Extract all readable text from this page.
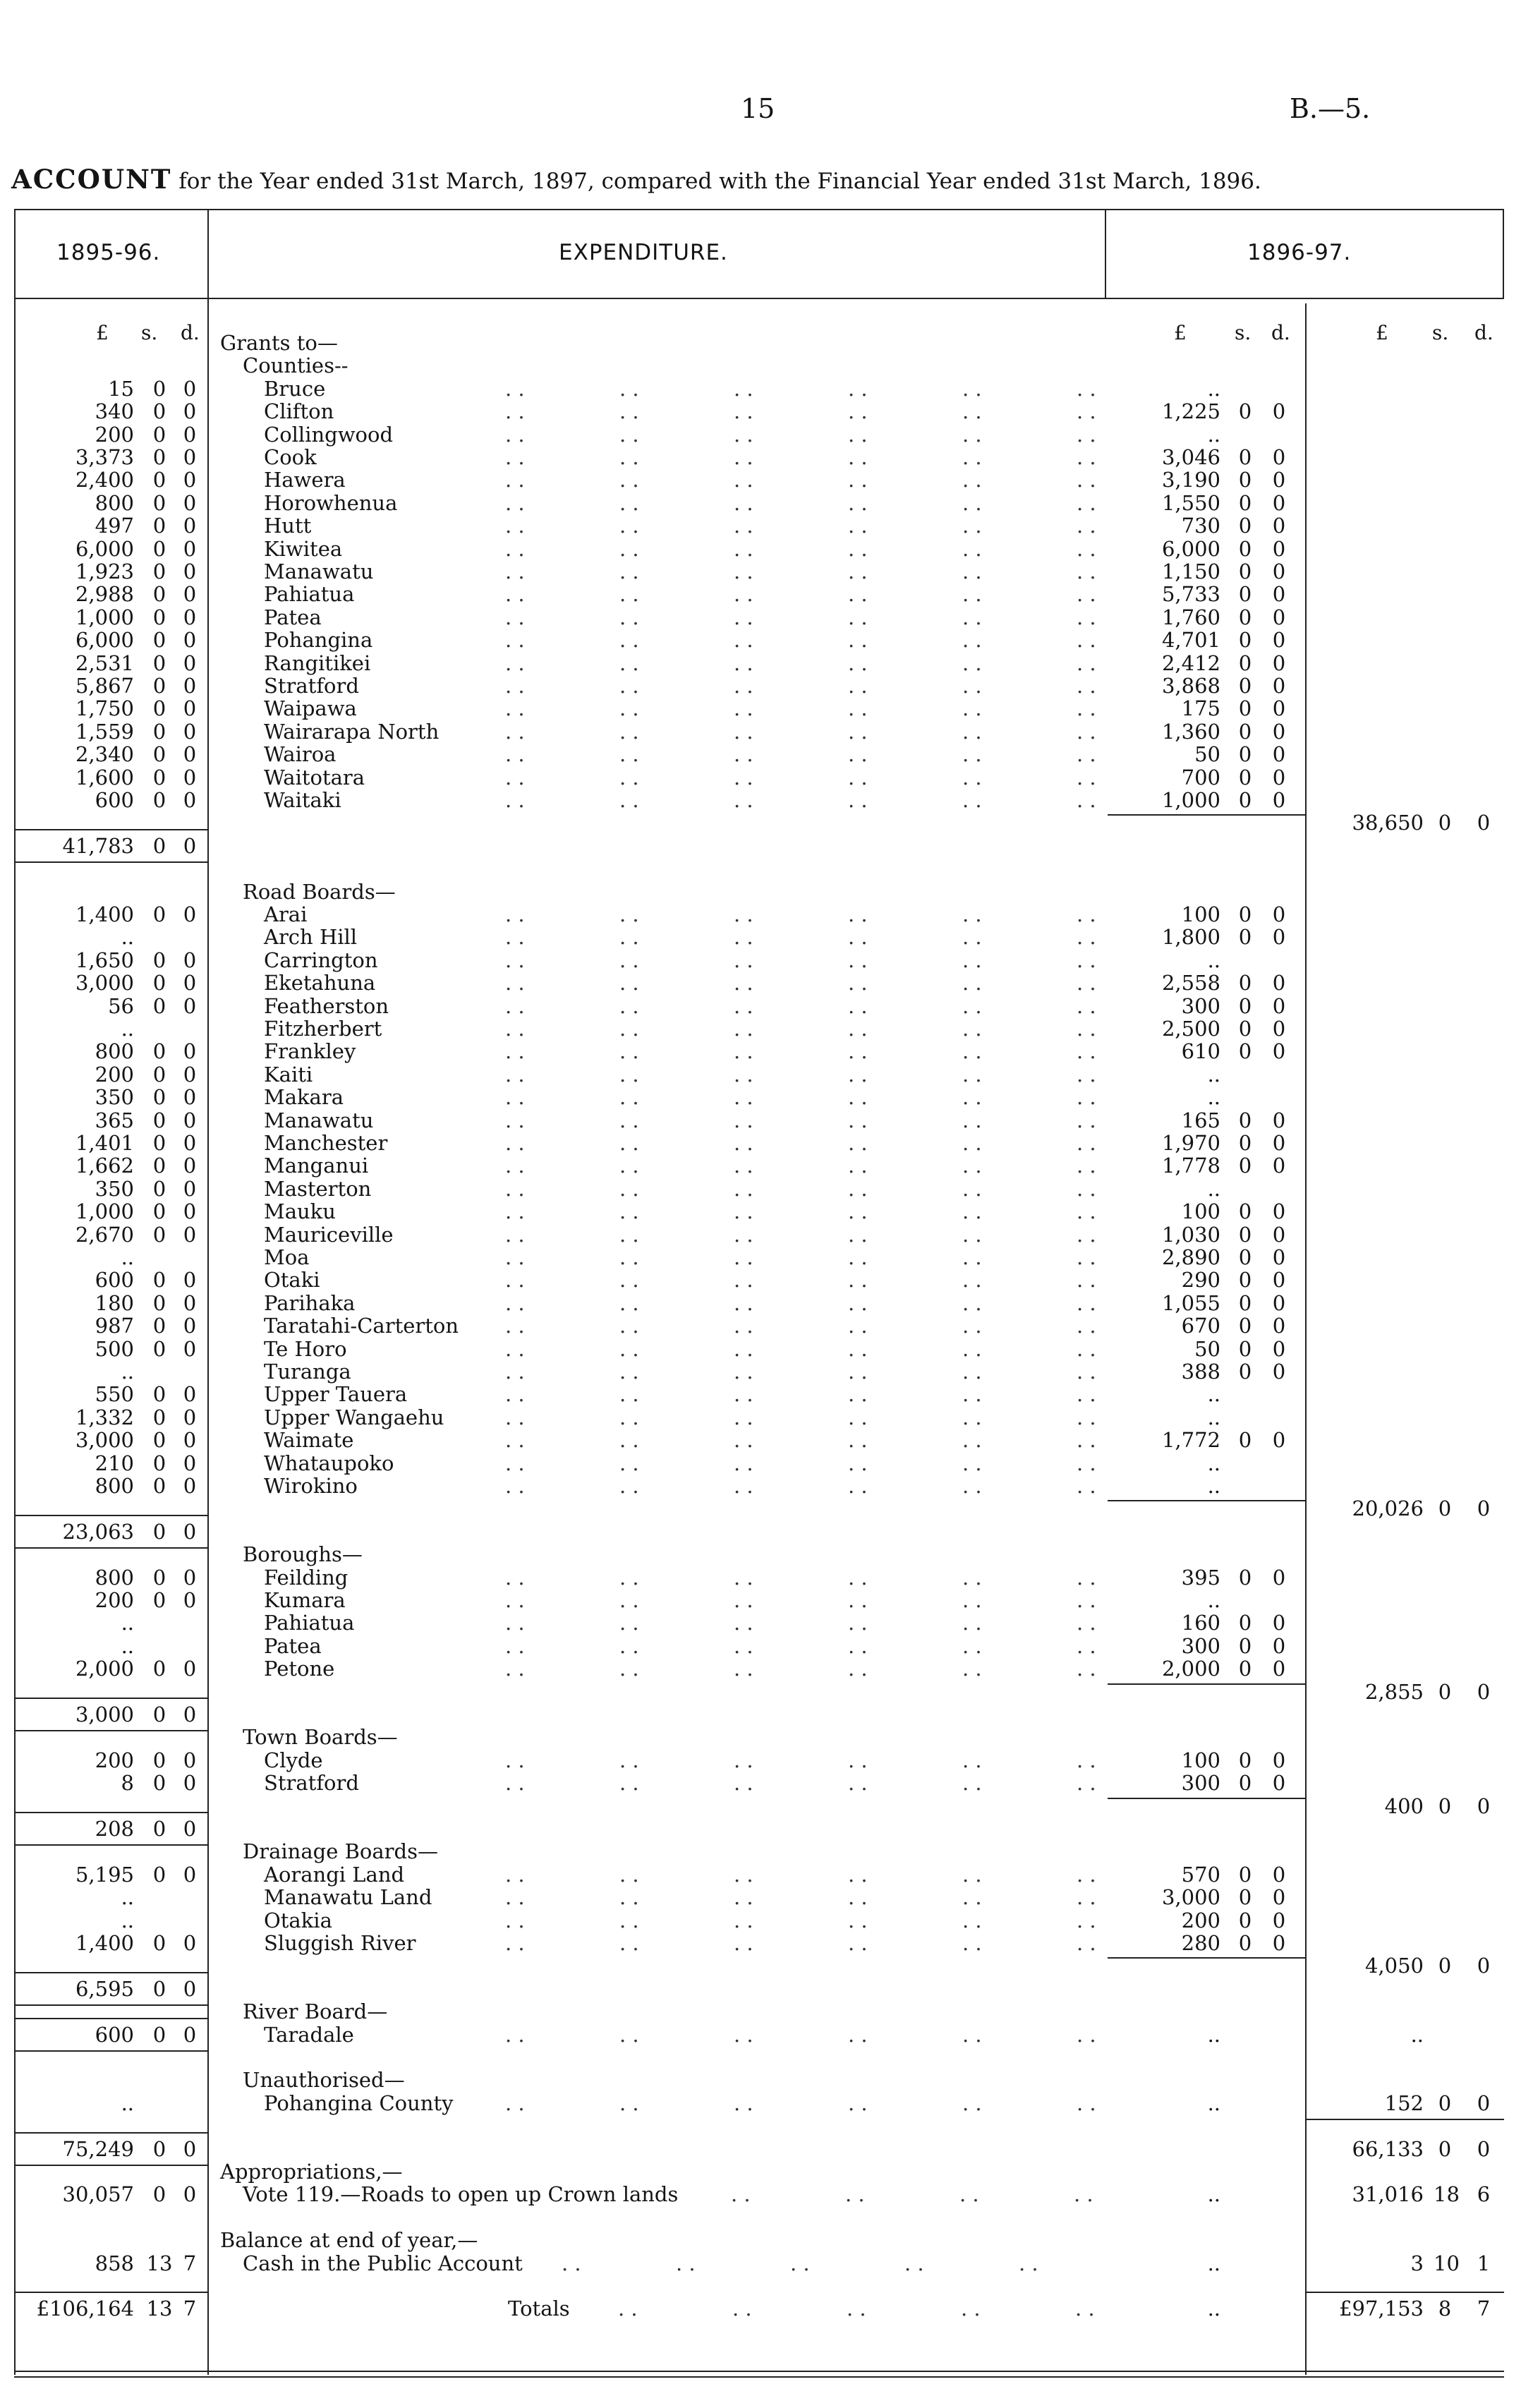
15	B.—5.
ACCOUNT for the Year ended 31st March, 1897, compared with the Financial Year ended 31st March, 1896.
1895-96.	EXPENDITURE.	1896-97.
£ s. d.	£ s. d.	£ s. d.
Grants to—
Counties--
15 0 0	Bruce	. .	. .	. .	. .	. .	. .	..
340 0 0	Clifton	. .	. .	. .	. .	. .	. .	1,225 0 0
200 0 0	Collingwood	. .	. .	. .	. .	. .	. .	..
3,373 0 0	Cook	. .	. .	. .	. .	. .	. .	3,046 0 0
2,400 0 0	Hawera	. .	. .	. .	. .	. .	. .	3,190 0 0
800 0 0	Horowhenua	. .	. .	. .	. .	. .	. .	1,550 0 0
497 0 0	Hutt	. .	. .	. .	. .	. .	. .	730 0 0
6,000 0 0	Kiwitea	. .	. .	. .	. .	. .	. .	6,000 0 0
1,923 0 0	Manawatu	. .	. .	. .	. .	. .	. .	1,150 0 0
2,988 0 0	Pahiatua	. .	. .	. .	. .	. .	. .	5,733 0 0
1,000 0 0	Patea	. .	. .	. .	. .	. .	. .	1,760 0 0
6,000 0 0	Pohangina	. .	. .	. .	. .	. .	. .	4,701 0 0
2,531 0 0	Rangitikei	. .	. .	. .	. .	. .	. .	2,412 0 0
5,867 0 0	Stratford	. .	. .	. .	. .	. .	. .	3,868 0 0
1,750 0 0	Waipawa	. .	. .	. .	. .	. .	. .	175 0 0
1,559 0 0	Wairarapa North	. .	. .	. .	. .	. .	. .	1,360 0 0
2,340 0 0	Wairoa	. .	. .	. .	. .	. .	. .	50 0 0
1,600 0 0	Waitotara	. .	. .	. .	. .	. .	. .	700 0 0
600 0 0	Waitaki	. .	. .	. .	. .	. .	. .	1,000 0 0
38,650 0 0
41,783 0 0
Road Boards—
1,400 0 0	Arai	. .	. .	. .	. .	. .	. .	100 0 0
..	Arch Hill	. .	. .	. .	. .	. .	. .	1,800 0 0
1,650 0 0	Carrington	. .	. .	. .	. .	. .	. .	..
3,000 0 0	Eketahuna	. .	. .	. .	. .	. .	. .	2,558 0 0
56 0 0	Featherston	. .	. .	. .	. .	. .	. .	300 0 0
..	Fitzherbert	. .	. .	. .	. .	. .	. .	2,500 0 0
800 0 0	Frankley	. .	. .	. .	. .	. .	. .	610 0 0
200 0 0	Kaiti	. .	. .	. .	. .	. .	. .	..
350 0 0	Makara	. .	. .	. .	. .	. .	. .	..
365 0 0	Manawatu	. .	. .	. .	. .	. .	. .	165 0 0
1,401 0 0	Manchester	. .	. .	. .	. .	. .	. .	1,970 0 0
1,662 0 0	Manganui	. .	. .	. .	. .	. .	. .	1,778 0 0
350 0 0	Masterton	. .	. .	. .	. .	. .	. .	..
1,000 0 0	Mauku	. .	. .	. .	. .	. .	. .	100 0 0
2,670 0 0	Mauriceville	. .	. .	. .	. .	. .	. .	1,030 0 0
..	Moa	. .	. .	. .	. .	. .	. .	2,890 0 0
600 0 0	Otaki	. .	. .	. .	. .	. .	. .	290 0 0
180 0 0	Parihaka	. .	. .	. .	. .	. .	. .	1,055 0 0
987 0 0	Taratahi-Carterton . .	. .	. .	. .	. .	. .	670 0 0
500 0 0	Te Horo	. .	. .	. .	. .	. .	. .	50 0 0
..	Turanga	. .	. .	. .	. .	. .	. .	388 0 0
550 0 0	Upper Tauera	. .	. .	. .	. .	. .	. .	..
1,332 0 0	Upper Wangaehu	. .	. .	. .	. .	. .	. .	..
3,000 0 0	Waimate	. .	. .	. .	. .	. .	. .	1,772 0 0
210 0 0	Whataupoko	. .	. .	. .	. .	. .	. .	..
800 0 0	Wirokino	. .	. .	. .	. .	. .	. .	..
20,026 0 0
23,063 0 0
Boroughs—
800 0 0	Feilding	. .	. .	. .	. .	. .	. .	395 0 0
200 0 0	Kumara	. .	. .	. .	. .	. .	. .	..
..	Pahiatua	. .	. .	. .	. .	. .	. .	160 0 0
..	Patea	. .	. .	. .	. .	. .	. .	300 0 0
2,000 0 0	Petone	. .	. .	. .	. .	. .	. .	2,000 0 0
2,855 0 0
3,000 0 0
Town Boards—
200 0 0	Clyde	. .	. .	. .	. .	. .	. .	100 0 0
8 0 0	Stratford	. .	. .	. .	. .	. .	. .	300 0 0
400 0 0
208 0 0
Drainage Boards—
5,195 0 0	Aorangi Land	. .	. .	. .	. .	. .	. .	570 0 0
..	Manawatu Land	. .	. .	. .	. .	. .	. .	3,000 0 0
..	Otakia	. .	. .	. .	. .	. .	. .	200 0 0
1,400 0 0	Sluggish River	. .	. .	. .	. .	. .	. .	280 0 0
4,050 0 0
6,595 0 0
River Board—
600 0 0	Taradale	. .	. .	. .	. .	. .	. .	..	..
Unauthorised—
..	Pohangina County	. .	. .	. .	. .	. .	. .	..	152 0 0
75,249 0 0	66,133 0 0
Appropriations,—
30,057 0 0 Vote 119.—Roads to open up Crown lands	. .	. .	. .	. .	..	31,016 18 6
Balance at end of year,—
858 13 7 Cash in the Public Account . .	. .	. .	. .	. .	..	3 10 1
£106,164 13 7	Totals . .	. .	. .	. .	. .	..	£97,153 8 7
